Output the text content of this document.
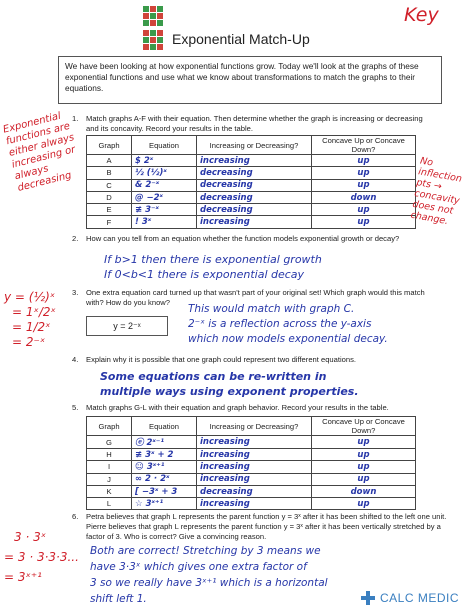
Key
Exponential Match-Up
We have been looking at how exponential functions grow. Today we'll look at the graphs of these exponential functions and use what we know about transformations to match the graphs to their equations.
1. Match graphs A-F with their equation. Then determine whether the graph is increasing or decreasing and its concavity. Record your results in the table.
Graph	Equation	Increasing or Decreasing?	Concave Up or Concave Down?
A	$ 2ˣ	increasing	up
B	½ (½)ˣ	decreasing	up
C	& 2⁻ˣ	decreasing	up
D	@ −2ˣ	decreasing	down
E	≢ 3⁻ˣ	decreasing	up
F	! 3ˣ	increasing	up
Exponential functions are either always increasing or always decreasing
No inflection pts → concavity does not change.
2. How can you tell from an equation whether the function models exponential growth or decay?
If b>1 then there is exponential growth
If 0<b<1 there is exponential decay
3. One extra equation card turned up that wasn't part of your original set! Which graph would this match with? How do you know?
y = 2⁻ˣ
This would match with graph C.
2⁻ˣ is a reflection across the y-axis
which now models exponential decay.
y = (½)ˣ
= 1ˣ/2ˣ
= 1/2ˣ
= 2⁻ˣ
4. Explain why it is possible that one graph could represent two different equations.
Some equations can be re-written in
multiple ways using exponent properties.
5. Match graphs G-L with their equation and graph behavior. Record your results in the table.
Graph	Equation	Increasing or Decreasing?	Concave Up or Concave Down?
G	ⓔ 2ˣ⁻¹	increasing	up
H	≢ 3ˣ + 2	increasing	up
I	☺ 3ˣ⁺¹	increasing	up
J	∞ 2 · 2ˣ	increasing	up
K	[ −3ˣ + 3	decreasing	down
L	☆ 3ˣ⁺¹	increasing	up
6. Petra believes that graph L represents the parent function y = 3ˣ after it has been shifted to the left one unit. Pierre believes that graph L represents the parent function y = 3ˣ after it has been vertically stretched by a factor of 3. Who is correct? Give a convincing reason.
Both are correct! Stretching by 3 means we
have 3·3ˣ which gives one extra factor of
3 so we really have 3ˣ⁺¹ which is a horizontal
shift left 1.
3 · 3ˣ
= 3 · 3·3·3...
= 3ˣ⁺¹
CALC MEDIC
